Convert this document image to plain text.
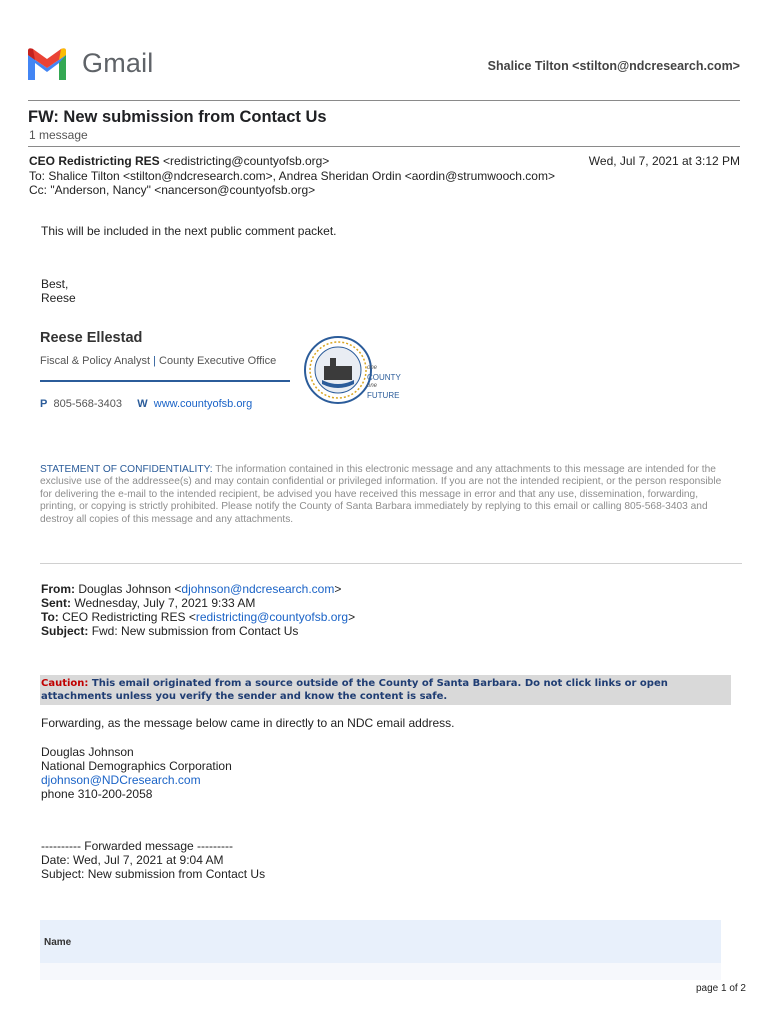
Gmail	Shalice Tilton <stilton@ndcresearch.com>
FW: New submission from Contact Us
1 message
CEO Redistricting RES <redistricting@countyofsb.org>	Wed, Jul 7, 2021 at 3:12 PM
To: Shalice Tilton <stilton@ndcresearch.com>, Andrea Sheridan Ordin <aordin@strumwooch.com>
Cc: "Anderson, Nancy" <nancerson@countyofsb.org>
This will be included in the next public comment packet.
Best,
Reese
Reese Ellestad
Fiscal & Policy Analyst | County Executive Office
P 805-568-3403 W www.countyofsb.org
one
COUNTY
one
FUTURE
STATEMENT OF CONFIDENTIALITY: The information contained in this electronic message and any attachments to this message are intended for the exclusive use of the addressee(s) and may contain confidential or privileged information. If you are not the intended recipient, or the person responsible for delivering the e-mail to the intended recipient, be advised you have received this message in error and that any use, dissemination, forwarding, printing, or copying is strictly prohibited. Please notify the County of Santa Barbara immediately by replying to this email or calling 805-568-3403 and destroy all copies of this message and any attachments.
From: Douglas Johnson <djohnson@ndcresearch.com>
Sent: Wednesday, July 7, 2021 9:33 AM
To: CEO Redistricting RES <redistricting@countyofsb.org>
Subject: Fwd: New submission from Contact Us
Caution: This email originated from a source outside of the County of Santa Barbara. Do not click links or open attachments unless you verify the sender and know the content is safe.
Forwarding, as the message below came in directly to an NDC email address.
Douglas Johnson
National Demographics Corporation
djohnson@NDCresearch.com
phone 310-200-2058
---------- Forwarded message ---------
Date: Wed, Jul 7, 2021 at 9:04 AM
Subject: New submission from Contact Us
Name
page 1 of 2
